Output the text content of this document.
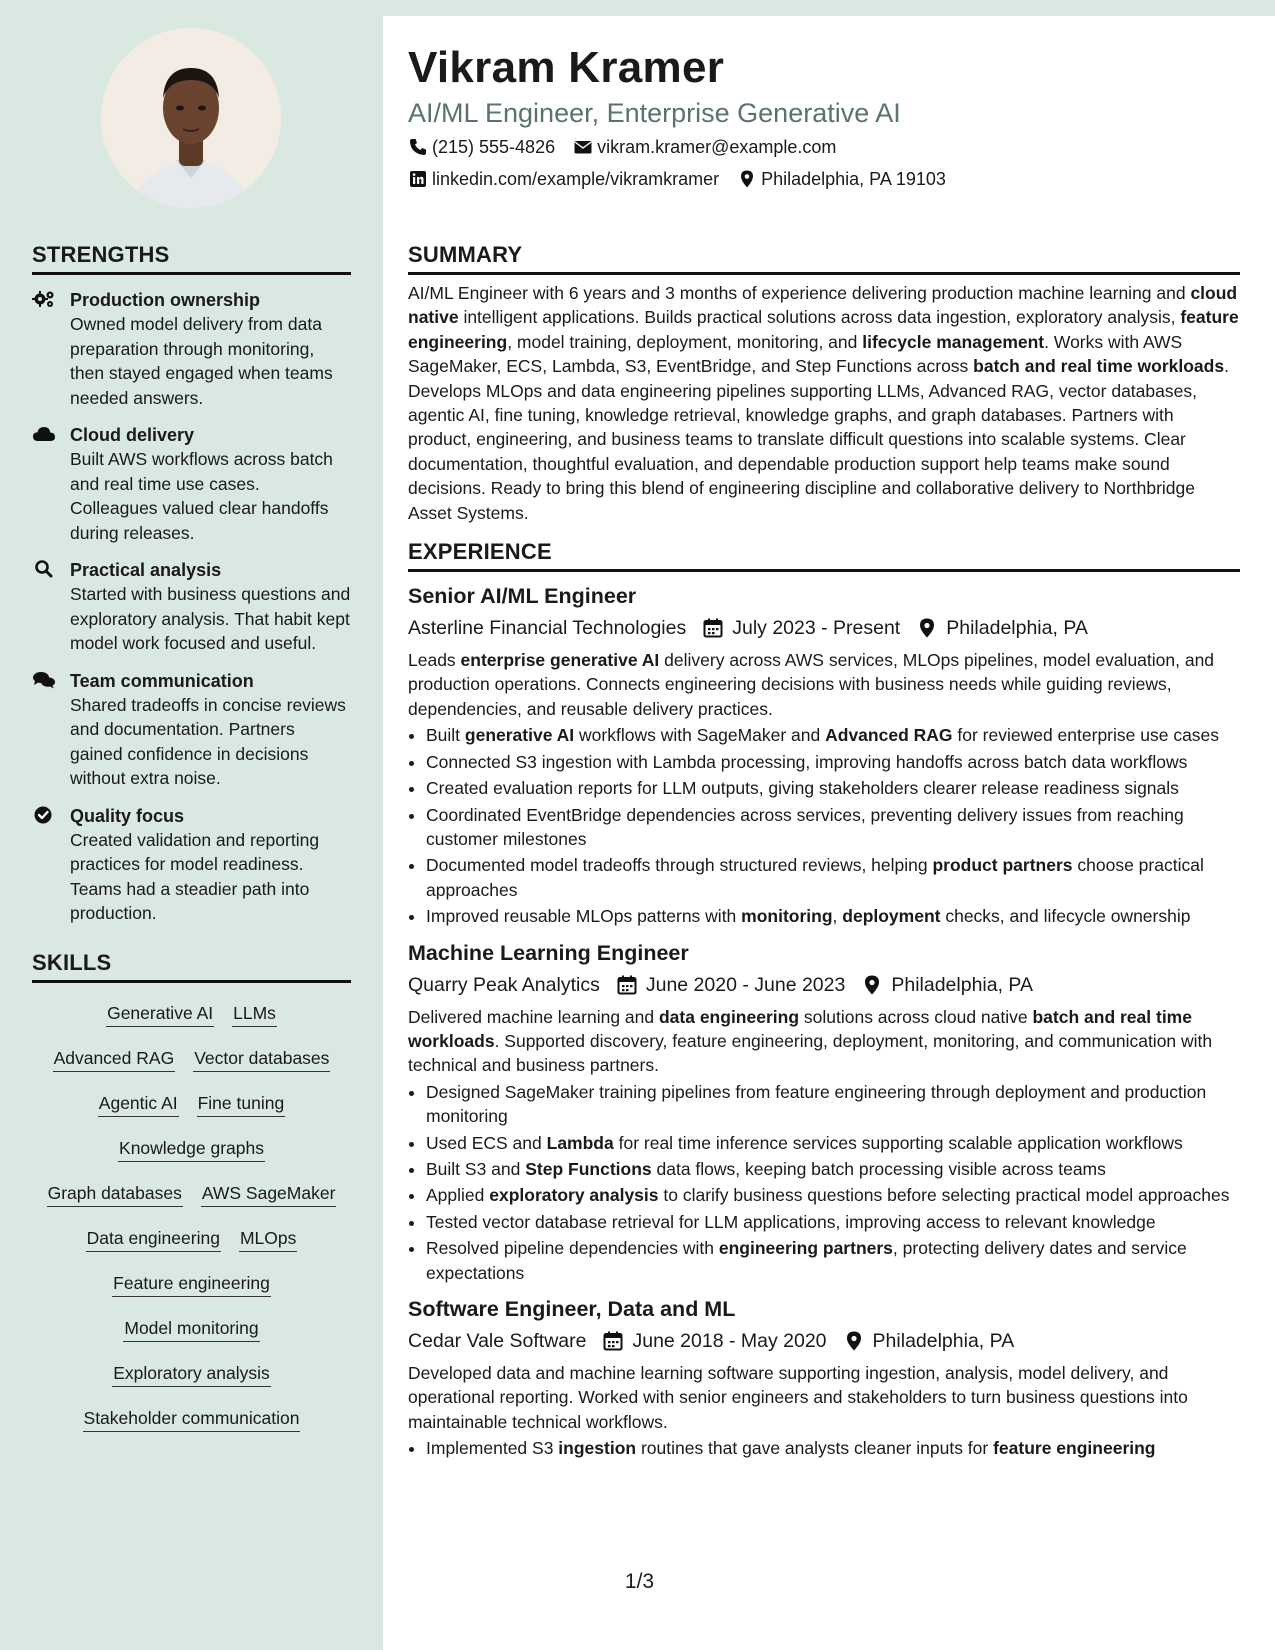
STRENGTHS
Production ownership
Owned model delivery from data preparation through monitoring, then stayed engaged when teams needed answers.
Cloud delivery
Built AWS workflows across batch and real time use cases. Colleagues valued clear handoffs during releases.
Practical analysis
Started with business questions and exploratory analysis. That habit kept model work focused and useful.
Team communication
Shared tradeoffs in concise reviews and documentation. Partners gained confidence in decisions without extra noise.
Quality focus
Created validation and reporting practices for model readiness. Teams had a steadier path into production.
SKILLS
Generative AI LLMs
Advanced RAG Vector databases
Agentic AI Fine tuning
Knowledge graphs
Graph databases AWS SageMaker
Data engineering MLOps
Feature engineering
Model monitoring
Exploratory analysis
Stakeholder communication
Vikram Kramer
AI/ML Engineer, Enterprise Generative AI
(215) 555-4826 vikram.kramer@example.com
linkedin.com/example/vikramkramer Philadelphia, PA 19103
SUMMARY

AI/ML Engineer with 6 years and 3 months of experience delivering production machine learning and cloud native intelligent applications. Builds practical solutions across data ingestion, exploratory analysis, feature engineering, model training, deployment, monitoring, and lifecycle management. Works with AWS SageMaker, ECS, Lambda, S3, EventBridge, and Step Functions across batch and real time workloads. Develops MLOps and data engineering pipelines supporting LLMs, Advanced RAG, vector databases, agentic AI, fine tuning, knowledge retrieval, knowledge graphs, and graph databases. Partners with product, engineering, and business teams to translate difficult questions into scalable systems. Clear documentation, thoughtful evaluation, and dependable production support help teams make sound decisions. Ready to bring this blend of engineering discipline and collaborative delivery to Northbridge Asset Systems.

EXPERIENCE
Senior AI/ML Engineer
Asterline Financial Technologies July 2023 - Present Philadelphia, PA

Leads enterprise generative AI delivery across AWS services, MLOps pipelines, model evaluation, and production operations. Connects engineering decisions with business needs while guiding reviews, dependencies, and reusable delivery practices.

• Built generative AI workflows with SageMaker and Advanced RAG for reviewed enterprise use cases
• Connected S3 ingestion with Lambda processing, improving handoffs across batch data workflows
• Created evaluation reports for LLM outputs, giving stakeholders clearer release readiness signals
• Coordinated EventBridge dependencies across services, preventing delivery issues from reaching customer milestones
• Documented model tradeoffs through structured reviews, helping product partners choose practical approaches
• Improved reusable MLOps patterns with monitoring, deployment checks, and lifecycle ownership
Machine Learning Engineer
Quarry Peak Analytics June 2020 - June 2023 Philadelphia, PA

Delivered machine learning and data engineering solutions across cloud native batch and real time workloads. Supported discovery, feature engineering, deployment, monitoring, and communication with technical and business partners.

• Designed SageMaker training pipelines from feature engineering through deployment and production monitoring
• Used ECS and Lambda for real time inference services supporting scalable application workflows
• Built S3 and Step Functions data flows, keeping batch processing visible across teams
• Applied exploratory analysis to clarify business questions before selecting practical model approaches
• Tested vector database retrieval for LLM applications, improving access to relevant knowledge
• Resolved pipeline dependencies with engineering partners, protecting delivery dates and service expectations
Software Engineer, Data and ML
Cedar Vale Software June 2018 - May 2020 Philadelphia, PA

Developed data and machine learning software supporting ingestion, analysis, model delivery, and operational reporting. Worked with senior engineers and stakeholders to turn business questions into maintainable technical workflows.

• Implemented S3 ingestion routines that gave analysts cleaner inputs for feature engineering
1/3
